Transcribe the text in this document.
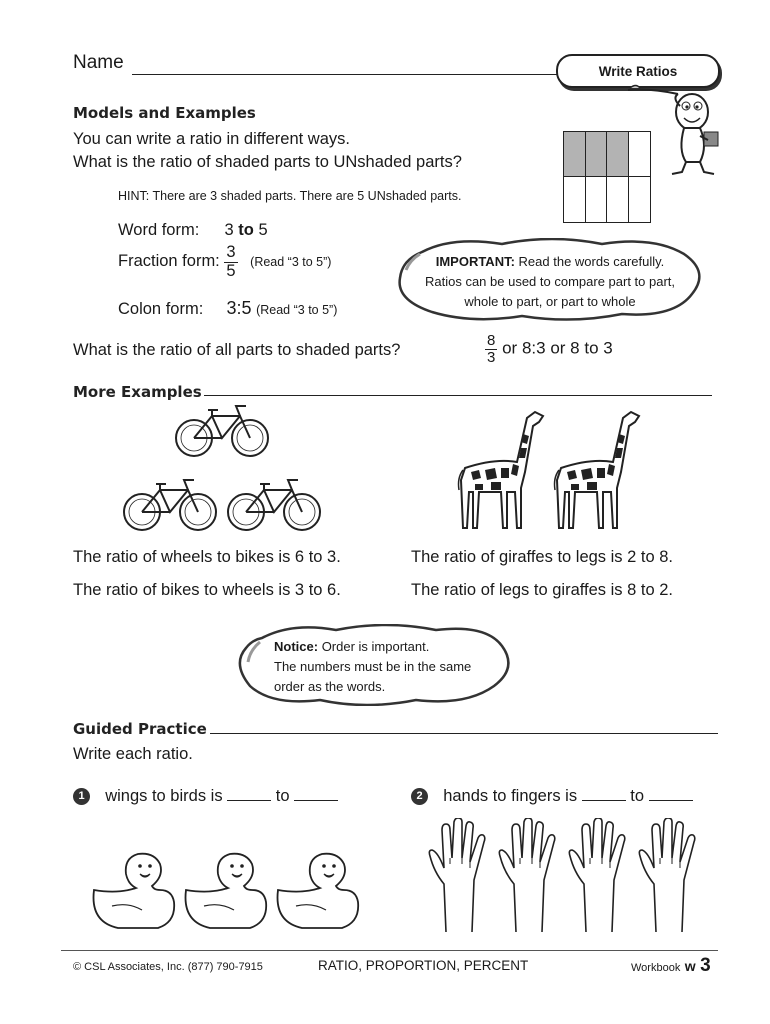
Name	Write Ratios
Models and Examples
You can write a ratio in different ways.
What is the ratio of shaded parts to UNshaded parts?
HINT: There are 3 shaded parts. There are 5 UNshaded parts.
Word form: 3 to 5
Fraction form: $\frac{3}{5}$ (Read “3 to 5”)
Colon form: 3:5 (Read “3 to 5”)
IMPORTANT: Read the words carefully.
Ratios can be used to compare part to part,
whole to part, or part to whole
What is the ratio of all parts to shaded parts?	$\frac{8}{3}$ or 8:3 or 8 to 3
More Examples
The ratio of wheels to bikes is 6 to 3.
The ratio of bikes to wheels is 3 to 6.
The ratio of giraffes to legs is 2 to 8.
The ratio of legs to giraffes is 8 to 2.
Notice: Order is important.
The numbers must be in the same
order as the words.
Guided Practice
Write each ratio.
1 wings to birds is	to	2 hands to fingers is	to
© CSL Associates, Inc. (877) 790-7915	RATIO, PROPORTION, PERCENT	Workbook w 3
